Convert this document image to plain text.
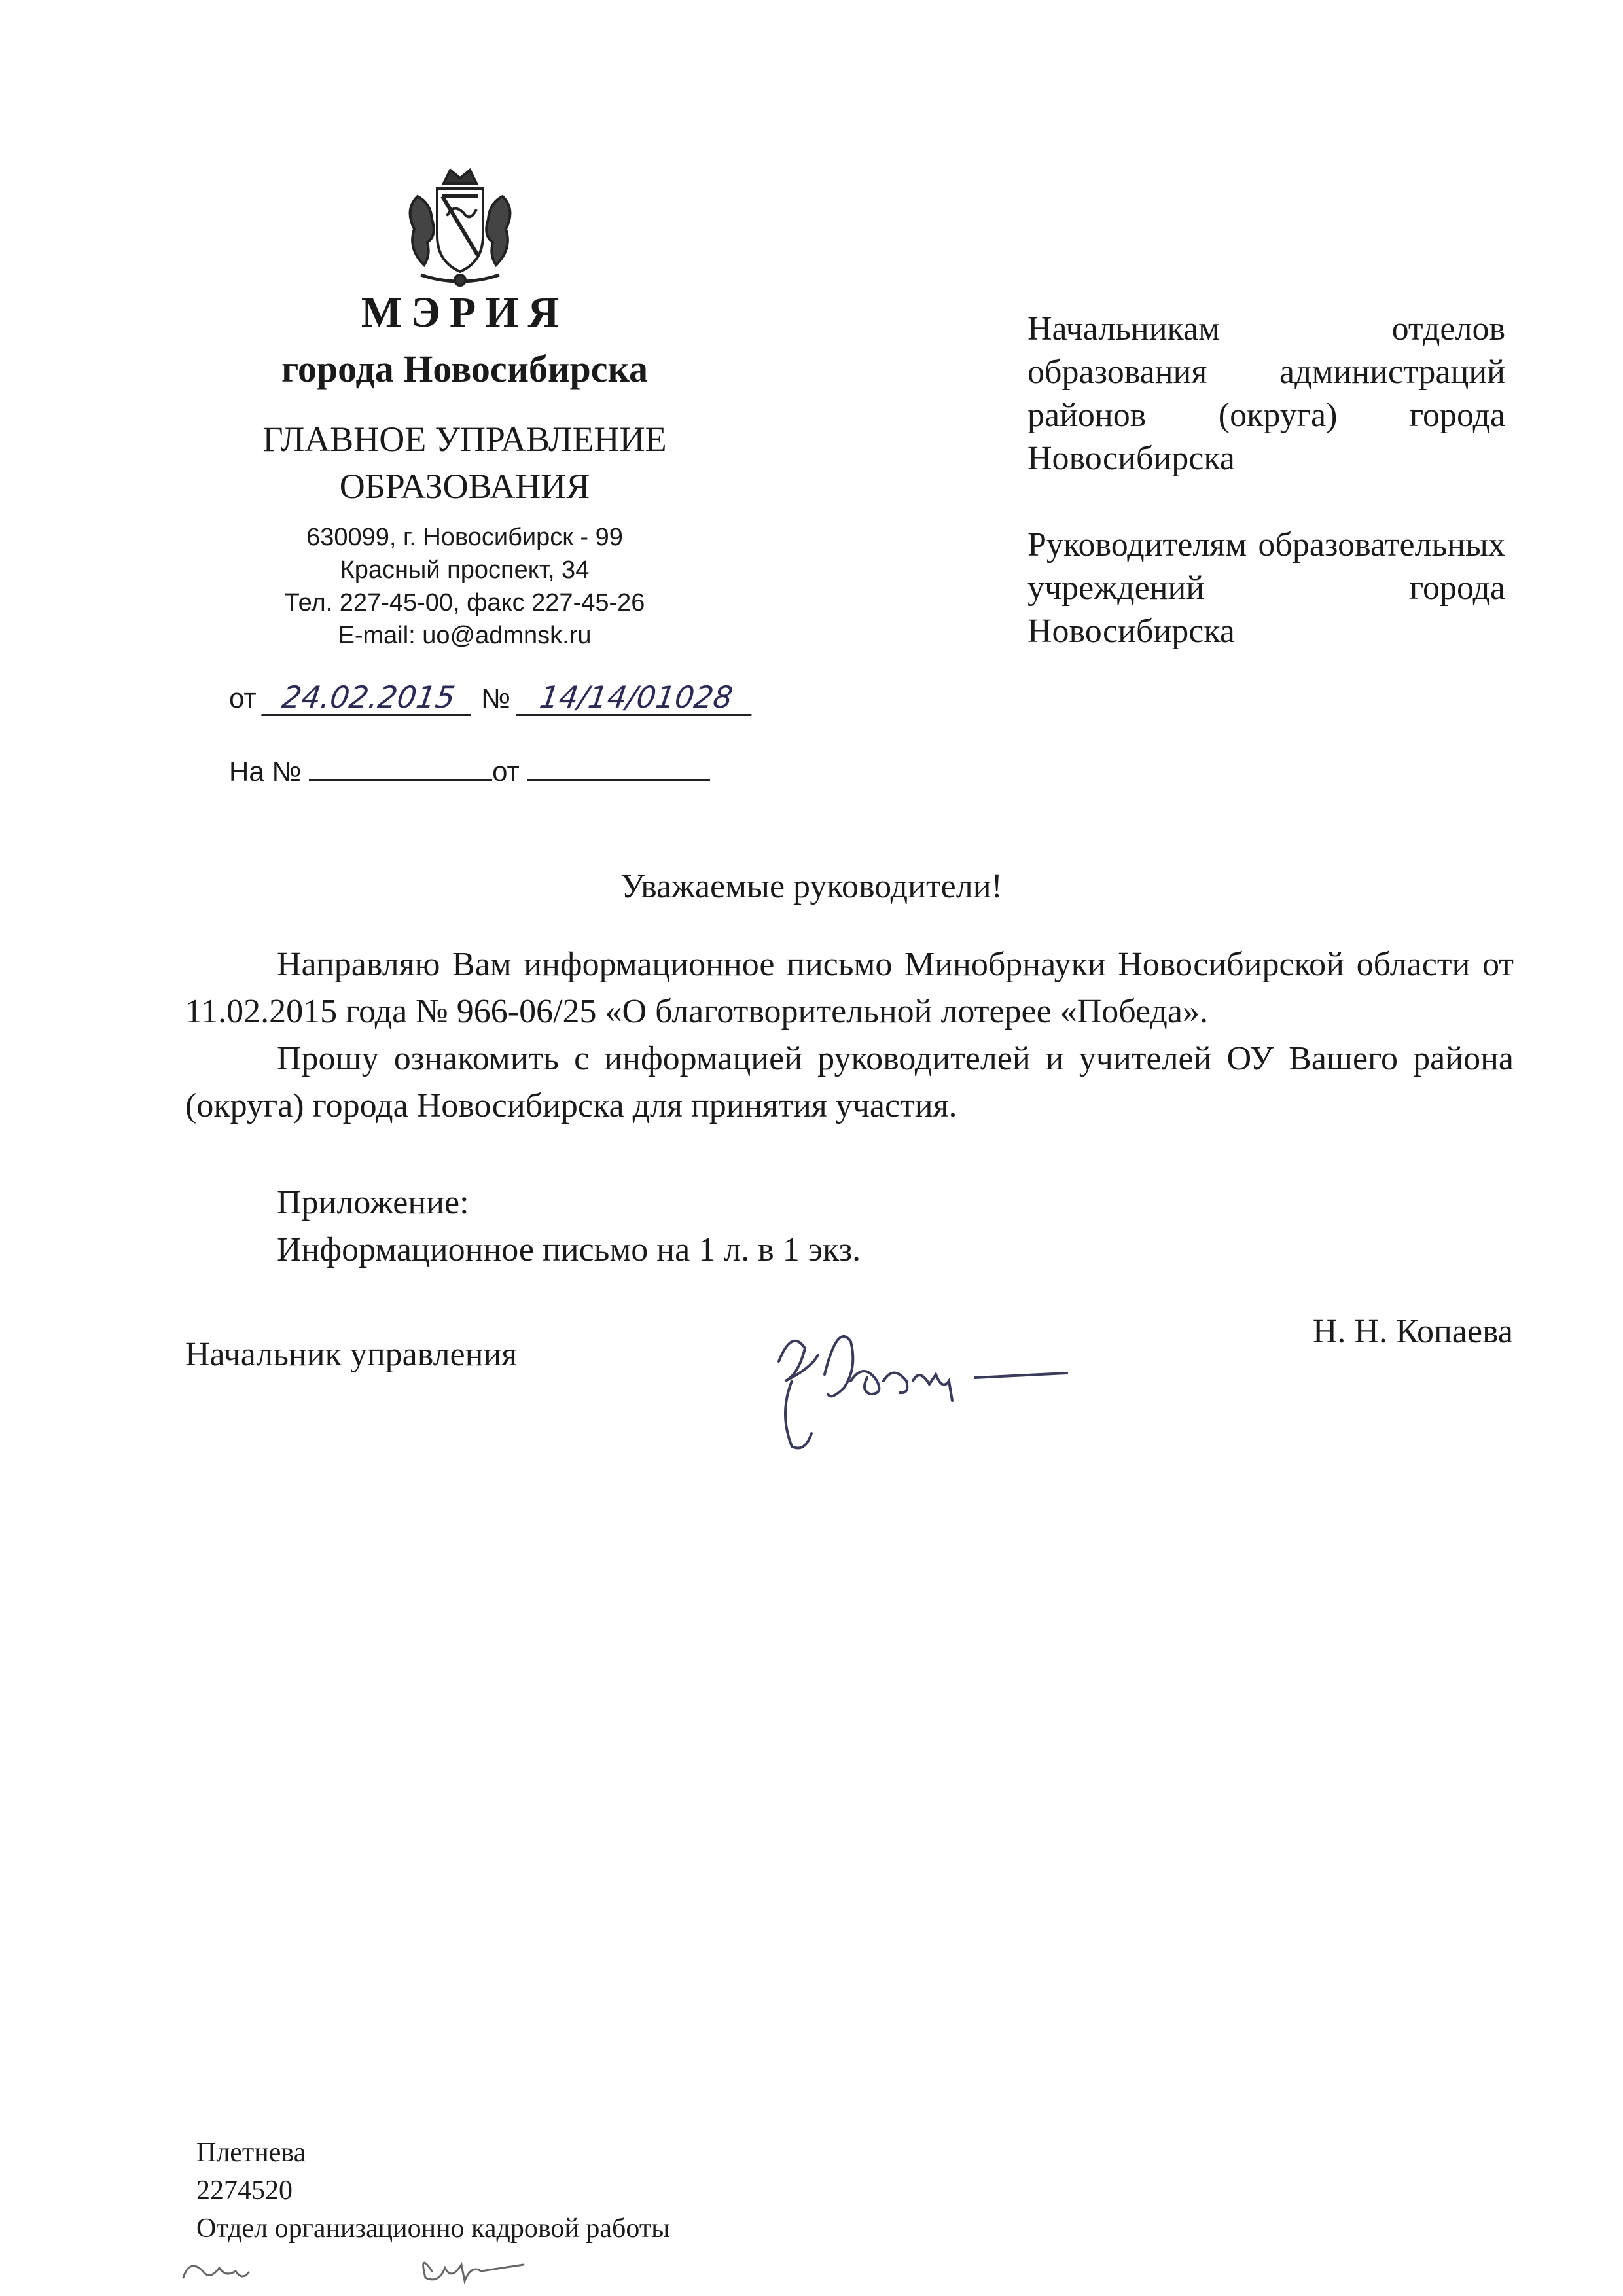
МЭРИЯ
города Новосибирска
ГЛАВНОЕ УПРАВЛЕНИЕ
ОБРАЗОВАНИЯ
630099, г. Новосибирск - 99
Красный проспект, 34
Тел. 227-45-00, факс 227-45-26
E-mail: uo@admnsk.ru
от 24.02.2015 № 14/14/01028
На №	от

Начальникам отделов образования администраций районов (округа) города Новосибирска

Руководителям образовательных учреждений города Новосибирска

Уважаемые руководители!

Направляю Вам информационное письмо Минобрнауки Новосибирской области от 11.02.2015 года № 966-06/25 «О благотворительной лотерее «Победа».

Прошу ознакомить с информацией руководителей и учителей ОУ Вашего района (округа) города Новосибирска для принятия участия.

Приложение:
Информационное письмо на 1 л. в 1 экз.
Начальник управления
Н. Н. Копаева
Плетнева
2274520
Отдел организационно кадровой работы
